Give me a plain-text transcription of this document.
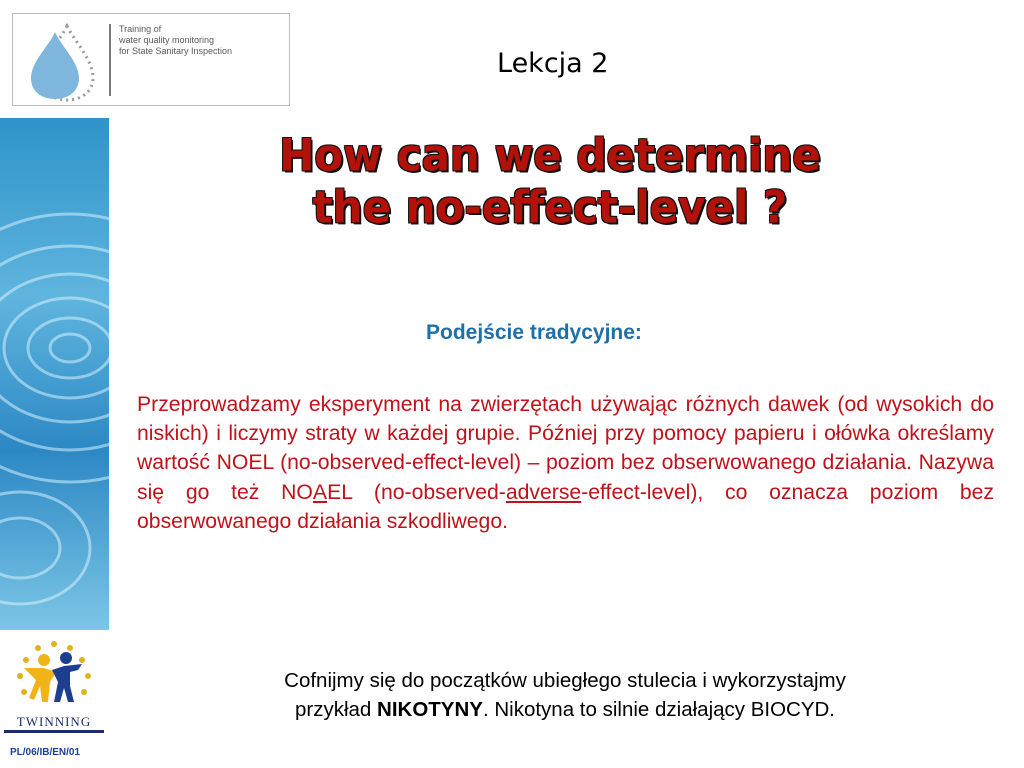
Training of
water quality monitoring
for State Sanitary Inspection	Lekcja 2
How can we determine
the no-effect-level ?
Podejście tradycyjne:
Przeprowadzamy eksperyment na zwierzętach używając różnych dawek (od wysokich do niskich) i liczymy straty w każdej grupie. Później przy pomocy papieru i ołówka określamy wartość NOEL (no-observed-effect-level) – poziom bez obserwowanego działania. Nazywa się go też NOAEL (no-observed-adverse-effect-level), co oznacza poziom bez obserwowanego działania szkodliwego.
Cofnijmy się do początków ubiegłego stulecia i wykorzystajmy
przykład NIKOTYNY. Nikotyna to silnie działający BIOCYD.
TWINNING
PL/06/IB/EN/01
